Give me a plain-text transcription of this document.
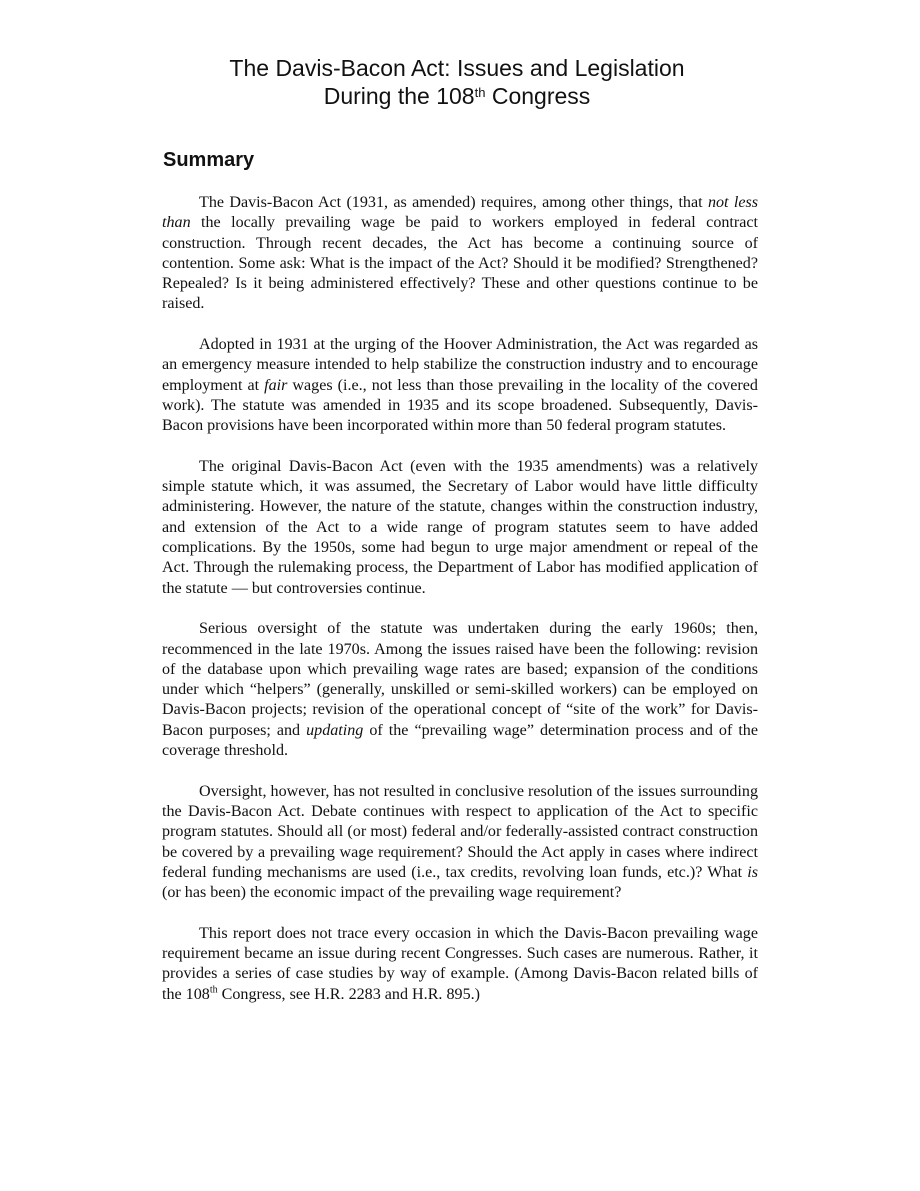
The Davis-Bacon Act: Issues and Legislation
During the 108th Congress
Summary

The Davis-Bacon Act (1931, as amended) requires, among other things, that not less than the locally prevailing wage be paid to workers employed in federal contract construction. Through recent decades, the Act has become a continuing source of contention. Some ask: What is the impact of the Act? Should it be modified? Strengthened? Repealed? Is it being administered effectively? These and other questions continue to be raised.

Adopted in 1931 at the urging of the Hoover Administration, the Act was regarded as an emergency measure intended to help stabilize the construction industry and to encourage employment at fair wages (i.e., not less than those prevailing in the locality of the covered work). The statute was amended in 1935 and its scope broadened. Subsequently, Davis-Bacon provisions have been incorporated within more than 50 federal program statutes.

The original Davis-Bacon Act (even with the 1935 amendments) was a relatively simple statute which, it was assumed, the Secretary of Labor would have little difficulty administering. However, the nature of the statute, changes within the construction industry, and extension of the Act to a wide range of program statutes seem to have added complications. By the 1950s, some had begun to urge major amendment or repeal of the Act. Through the rulemaking process, the Department of Labor has modified application of the statute — but controversies continue.

Serious oversight of the statute was undertaken during the early 1960s; then, recommenced in the late 1970s. Among the issues raised have been the following: revision of the database upon which prevailing wage rates are based; expansion of the conditions under which “helpers” (generally, unskilled or semi-skilled workers) can be employed on Davis-Bacon projects; revision of the operational concept of “site of the work” for Davis-Bacon purposes; and updating of the “prevailing wage” determination process and of the coverage threshold.

Oversight, however, has not resulted in conclusive resolution of the issues surrounding the Davis-Bacon Act. Debate continues with respect to application of the Act to specific program statutes. Should all (or most) federal and/or federally-assisted contract construction be covered by a prevailing wage requirement? Should the Act apply in cases where indirect federal funding mechanisms are used (i.e., tax credits, revolving loan funds, etc.)? What is (or has been) the economic impact of the prevailing wage requirement?

This report does not trace every occasion in which the Davis-Bacon prevailing wage requirement became an issue during recent Congresses. Such cases are numerous. Rather, it provides a series of case studies by way of example. (Among Davis-Bacon related bills of the 108th Congress, see H.R. 2283 and H.R. 895.)
